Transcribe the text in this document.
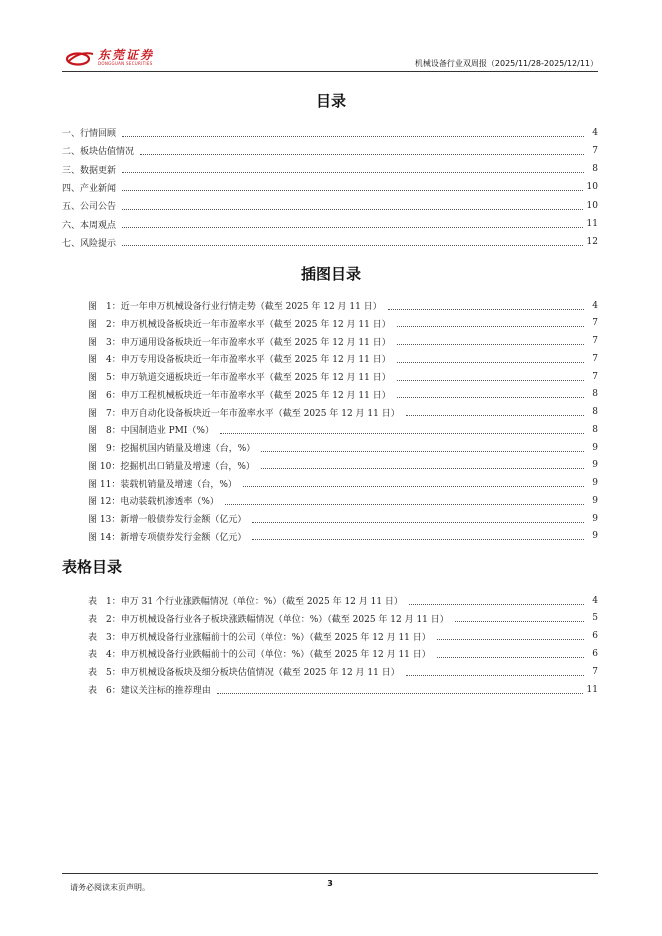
东莞证券
DONGGUAN SECURITIES	机械设备行业双周报（2025/11/28-2025/12/11）
目录
一、行情回顾	4
二、板块估值情况	7
三、数据更新	8
四、产业新闻	10
五、公司公告	10
六、本周观点	11
七、风险提示	12
插图目录
图　1： 近一年申万机械设备行业行情走势（截至 2025 年 12 月 11 日）	4
图　2： 申万机械设备板块近一年市盈率水平（截至 2025 年 12 月 11 日）	7
图　3： 申万通用设备板块近一年市盈率水平（截至 2025 年 12 月 11 日）	7
图　4： 申万专用设备板块近一年市盈率水平（截至 2025 年 12 月 11 日）	7
图　5： 申万轨道交通板块近一年市盈率水平（截至 2025 年 12 月 11 日）	7
图　6： 申万工程机械板块近一年市盈率水平（截至 2025 年 12 月 11 日）	8
图　7： 申万自动化设备板块近一年市盈率水平（截至 2025 年 12 月 11 日）	8
图　8： 中国制造业 PMI（%）	8
图　9： 挖掘机国内销量及增速（台，%）	9
图 10： 挖掘机出口销量及增速（台，%）	9
图 11： 装载机销量及增速（台，%）	9
图 12： 电动装载机渗透率（%）	9
图 13： 新增一般债券发行金额（亿元）	9
图 14： 新增专项债券发行金额（亿元）	9
表格目录
表　1： 申万 31 个行业涨跌幅情况（单位：%）（截至 2025 年 12 月 11 日）	4
表　2： 申万机械设备行业各子板块涨跌幅情况（单位：%）（截至 2025 年 12 月 11 日）	5
表　3： 申万机械设备行业涨幅前十的公司（单位：%）（截至 2025 年 12 月 11 日）	6
表　4： 申万机械设备行业跌幅前十的公司（单位：%）（截至 2025 年 12 月 11 日）	6
表　5： 申万机械设备板块及细分板块估值情况（截至 2025 年 12 月 11 日）	7
表　6： 建议关注标的推荐理由	11
请务必阅读末页声明。	3
